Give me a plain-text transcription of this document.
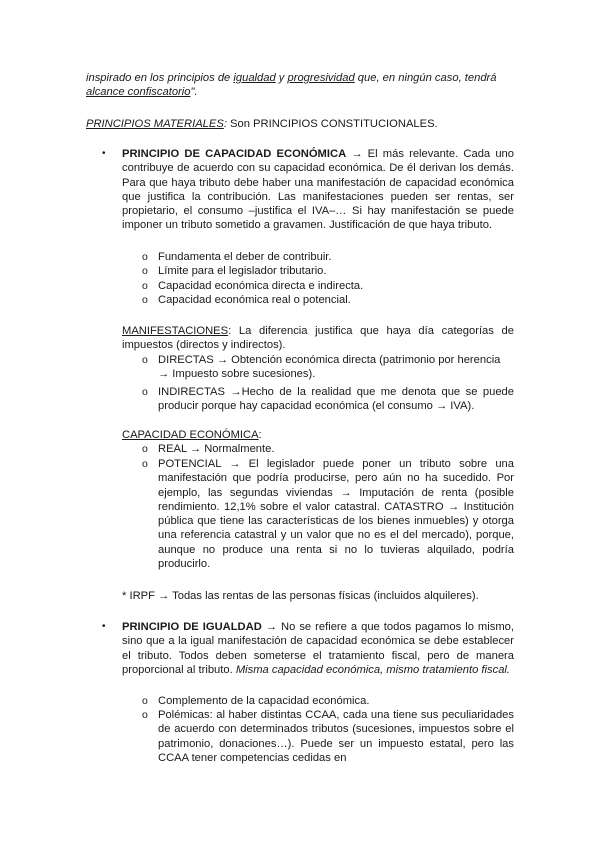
inspirado en los principios de igualdad y progresividad que, en ningún caso, tendrá
alcance confiscatorio".
PRINCIPIOS MATERIALES: Son PRINCIPIOS CONSTITUCIONALES.
• PRINCIPIO DE CAPACIDAD ECONÓMICA → El más relevante. Cada uno contribuye de acuerdo con su capacidad económica. De él derivan los demás. Para que haya tributo debe haber una manifestación de capacidad económica que justifica la contribución. Las manifestaciones pueden ser rentas, ser propietario, el consumo –justifica el IVA–… Si hay manifestación se puede imponer un tributo sometido a gravamen. Justificación de que haya tributo.
o Fundamenta el deber de contribuir.
o Límite para el legislador tributario.
o Capacidad económica directa e indirecta.
o Capacidad económica real o potencial.
MANIFESTACIONES: La diferencia justifica que haya día categorías de impuestos (directos y indirectos).
o DIRECTAS → Obtención económica directa (patrimonio por herencia → Impuesto sobre sucesiones).
o INDIRECTAS →Hecho de la realidad que me denota que se puede producir porque hay capacidad económica (el consumo → IVA).
CAPACIDAD ECONÓMICA:
o REAL → Normalmente.
o POTENCIAL → El legislador puede poner un tributo sobre una manifestación que podría producirse, pero aún no ha sucedido. Por ejemplo, las segundas viviendas → Imputación de renta (posible rendimiento. 12,1% sobre el valor catastral. CATASTRO → Institución pública que tiene las características de los bienes inmuebles) y otorga una referencia catastral y un valor que no es el del mercado), porque, aunque no produce una renta si no lo tuvieras alquilado, podría producirlo.
* IRPF → Todas las rentas de las personas físicas (incluidos alquileres).
• PRINCIPIO DE IGUALDAD → No se refiere a que todos pagamos lo mismo, sino que a la igual manifestación de capacidad económica se debe establecer el tributo. Todos deben someterse el tratamiento fiscal, pero de manera proporcional al tributo. Misma capacidad económica, mismo tratamiento fiscal.
o Complemento de la capacidad económica.
o Polémicas: al haber distintas CCAA, cada una tiene sus peculiaridades de acuerdo con determinados tributos (sucesiones, impuestos sobre el patrimonio, donaciones…). Puede ser un impuesto estatal, pero las CCAA tener competencias cedidas en
